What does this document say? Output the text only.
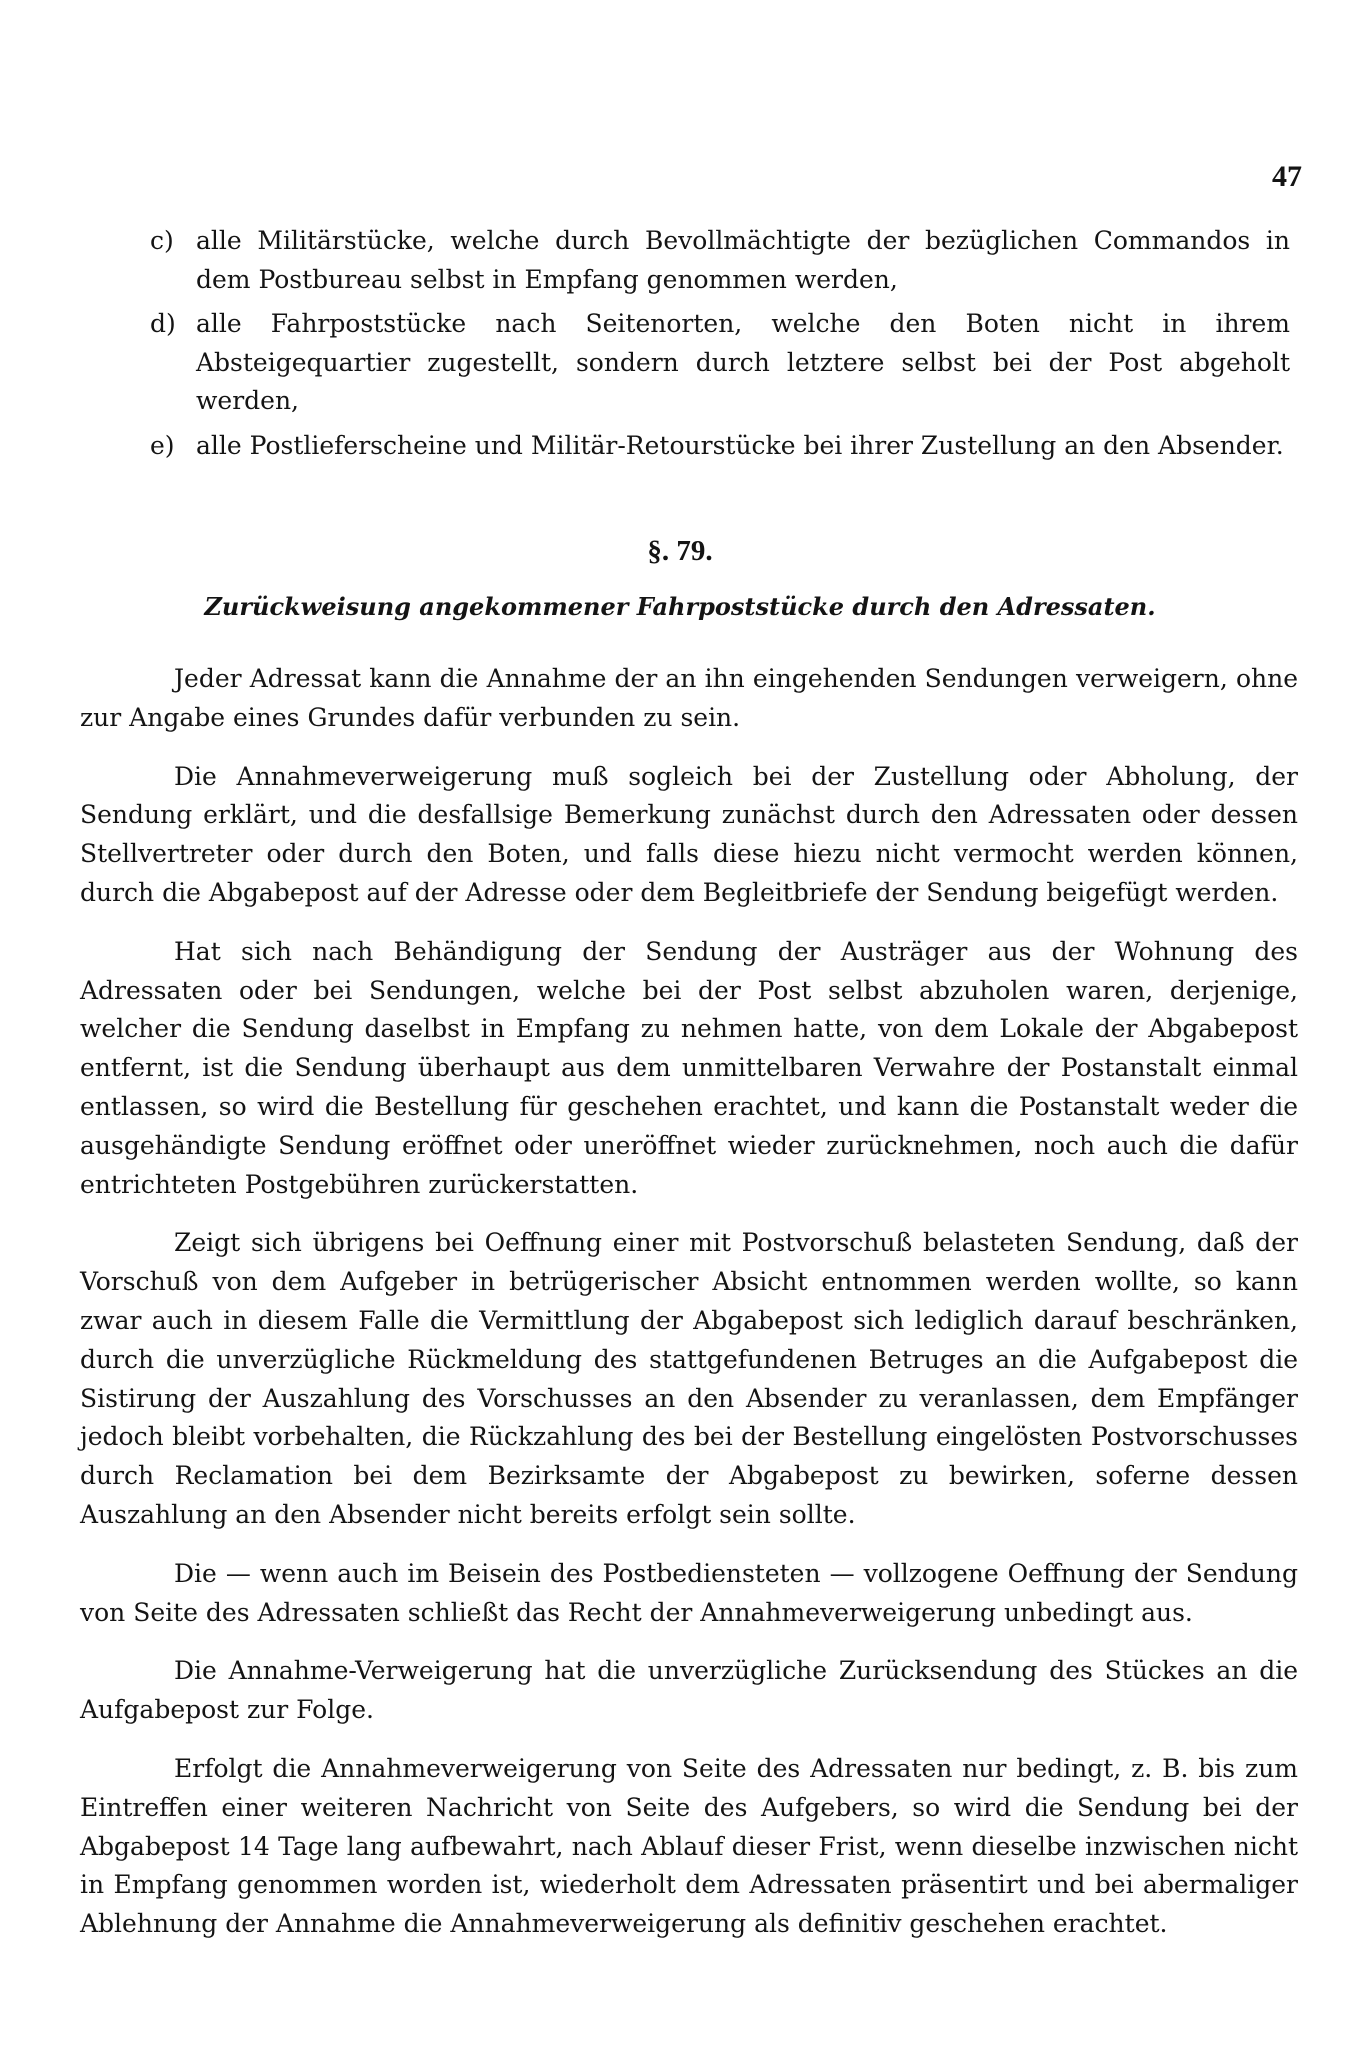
47
c) alle Militärstücke, welche durch Bevollmächtigte der bezüglichen Commandos in dem Postbureau selbst in Empfang genommen werden,
d) alle Fahrpoststücke nach Seitenorten, welche den Boten nicht in ihrem Absteigequartier zugestellt, sondern durch letztere selbst bei der Post abgeholt werden,
e) alle Postlieferscheine und Militär-Retourstücke bei ihrer Zustellung an den Absender.
§. 79.
Zurückweisung angekommener Fahrpoststücke durch den Adressaten.

Jeder Adressat kann die Annahme der an ihn eingehenden Sendungen verweigern, ohne zur Angabe eines Grundes dafür verbunden zu sein.

Die Annahmeverweigerung muß sogleich bei der Zustellung oder Abholung, der Sendung erklärt, und die desfallsige Bemerkung zunächst durch den Adressaten oder dessen Stellvertreter oder durch den Boten, und falls diese hiezu nicht vermocht werden können, durch die Abgabepost auf der Adresse oder dem Begleitbriefe der Sendung beigefügt werden.

Hat sich nach Behändigung der Sendung der Austräger aus der Wohnung des Adressaten oder bei Sendungen, welche bei der Post selbst abzuholen waren, derjenige, welcher die Sendung daselbst in Empfang zu nehmen hatte, von dem Lokale der Abgabepost entfernt, ist die Sendung überhaupt aus dem unmittelbaren Verwahre der Postanstalt einmal entlassen, so wird die Bestellung für geschehen erachtet, und kann die Postanstalt weder die ausgehändigte Sendung eröffnet oder uneröffnet wieder zurücknehmen, noch auch die dafür entrichteten Postgebühren zurückerstatten.

Zeigt sich übrigens bei Oeffnung einer mit Postvorschuß belasteten Sendung, daß der Vorschuß von dem Aufgeber in betrügerischer Absicht entnommen werden wollte, so kann zwar auch in diesem Falle die Vermittlung der Abgabepost sich lediglich darauf beschränken, durch die unverzügliche Rückmeldung des stattgefundenen Betruges an die Aufgabepost die Sistirung der Auszahlung des Vorschusses an den Absender zu veranlassen, dem Empfänger jedoch bleibt vorbehalten, die Rückzahlung des bei der Bestellung eingelösten Postvorschusses durch Reclamation bei dem Bezirksamte der Abgabepost zu bewirken, soferne dessen Auszahlung an den Absender nicht bereits erfolgt sein sollte.

Die — wenn auch im Beisein des Postbediensteten — vollzogene Oeffnung der Sendung von Seite des Adressaten schließt das Recht der Annahmeverweigerung unbedingt aus.

Die Annahme-Verweigerung hat die unverzügliche Zurücksendung des Stückes an die Aufgabepost zur Folge.

Erfolgt die Annahmeverweigerung von Seite des Adressaten nur bedingt, z. B. bis zum Eintreffen einer weiteren Nachricht von Seite des Aufgebers, so wird die Sendung bei der Abgabepost 14 Tage lang aufbewahrt, nach Ablauf dieser Frist, wenn dieselbe inzwischen nicht in Empfang genommen worden ist, wiederholt dem Adressaten präsentirt und bei abermaliger Ablehnung der Annahme die Annahmeverweigerung als definitiv geschehen erachtet.
